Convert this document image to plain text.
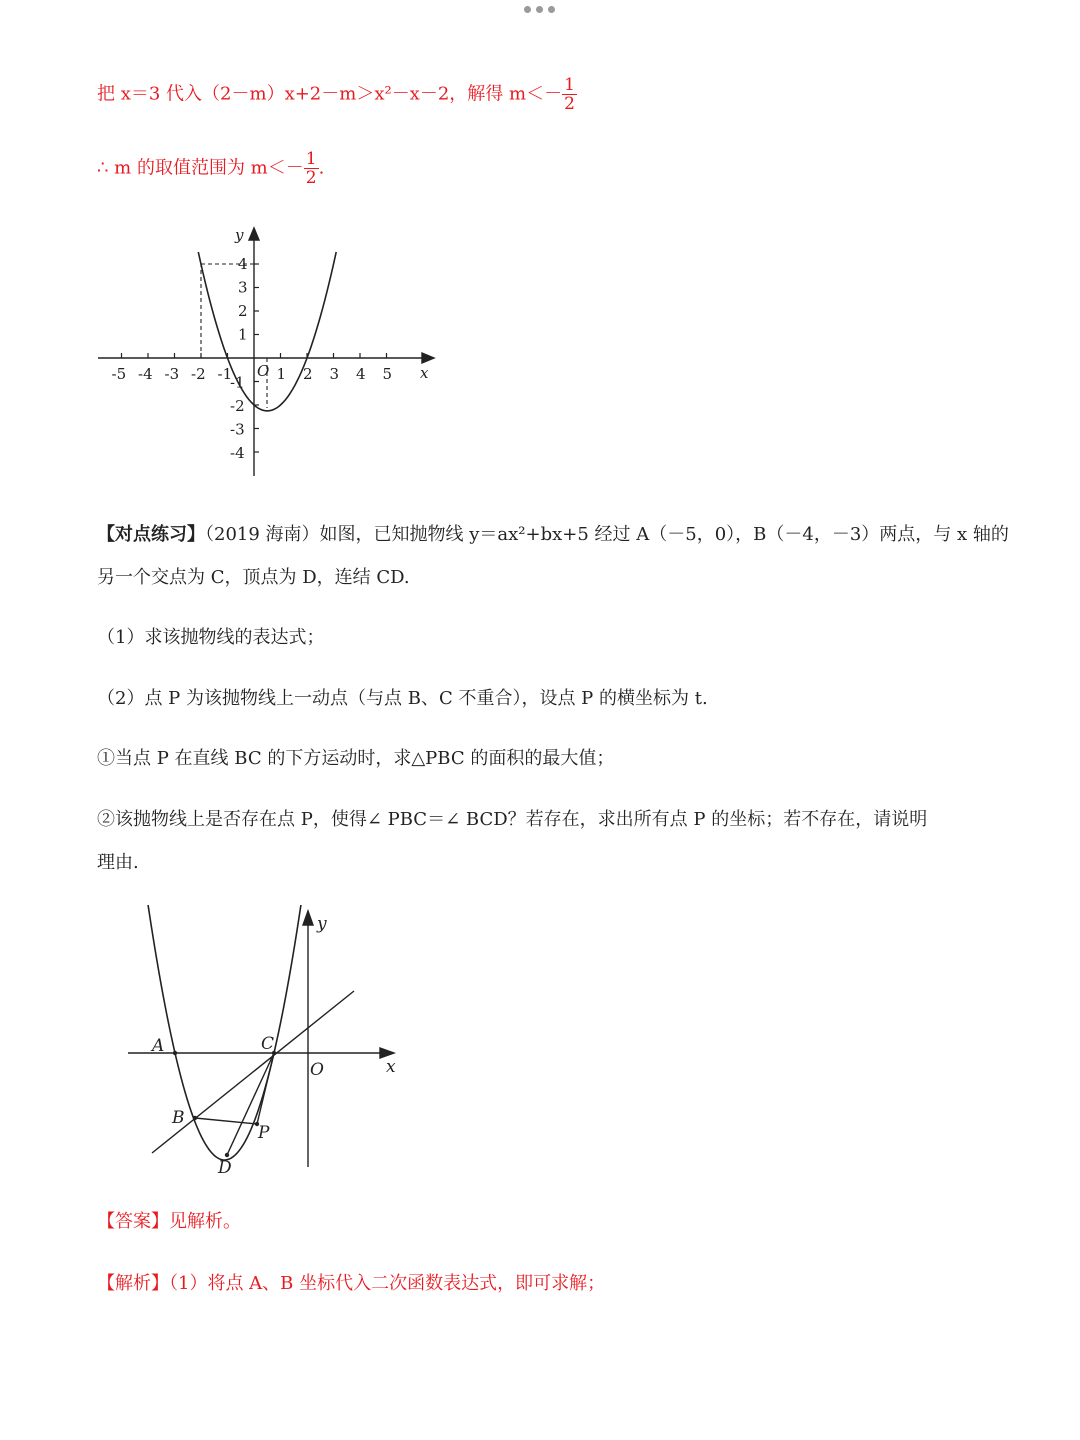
把 x＝3 代入（2－m）x+2－m＞x²－x－2，解得 $m<- \frac{1}{2}$
∴ m 的取值范围为 $m<- \frac{1}{2}$ .
-5 -4 -3 -2 -1	1 2 3 4 5
1
2
3
4
-1
-2
-3
-4
x
y
O
【对点练习】（2019 海南）如图，已知抛物线 y＝ax²+bx+5 经过 A（－5，0），B（－4，－3）两点，与 x 轴的
另一个交点为 C，顶点为 D，连结 CD.
（1）求该抛物线的表达式；
（2）点 P 为该抛物线上一动点（与点 B、C 不重合），设点 P 的横坐标为 t.
①当点 P 在直线 BC 的下方运动时，求△PBC 的面积的最大值；
②该抛物线上是否存在点 P，使得∠ PBC＝∠ BCD？若存在，求出所有点 P 的坐标；若不存在，请说明
理由.
A	C
O	x
y
B
P
D
【答案】见解析。
【解析】（1）将点 A、B 坐标代入二次函数表达式，即可求解；
